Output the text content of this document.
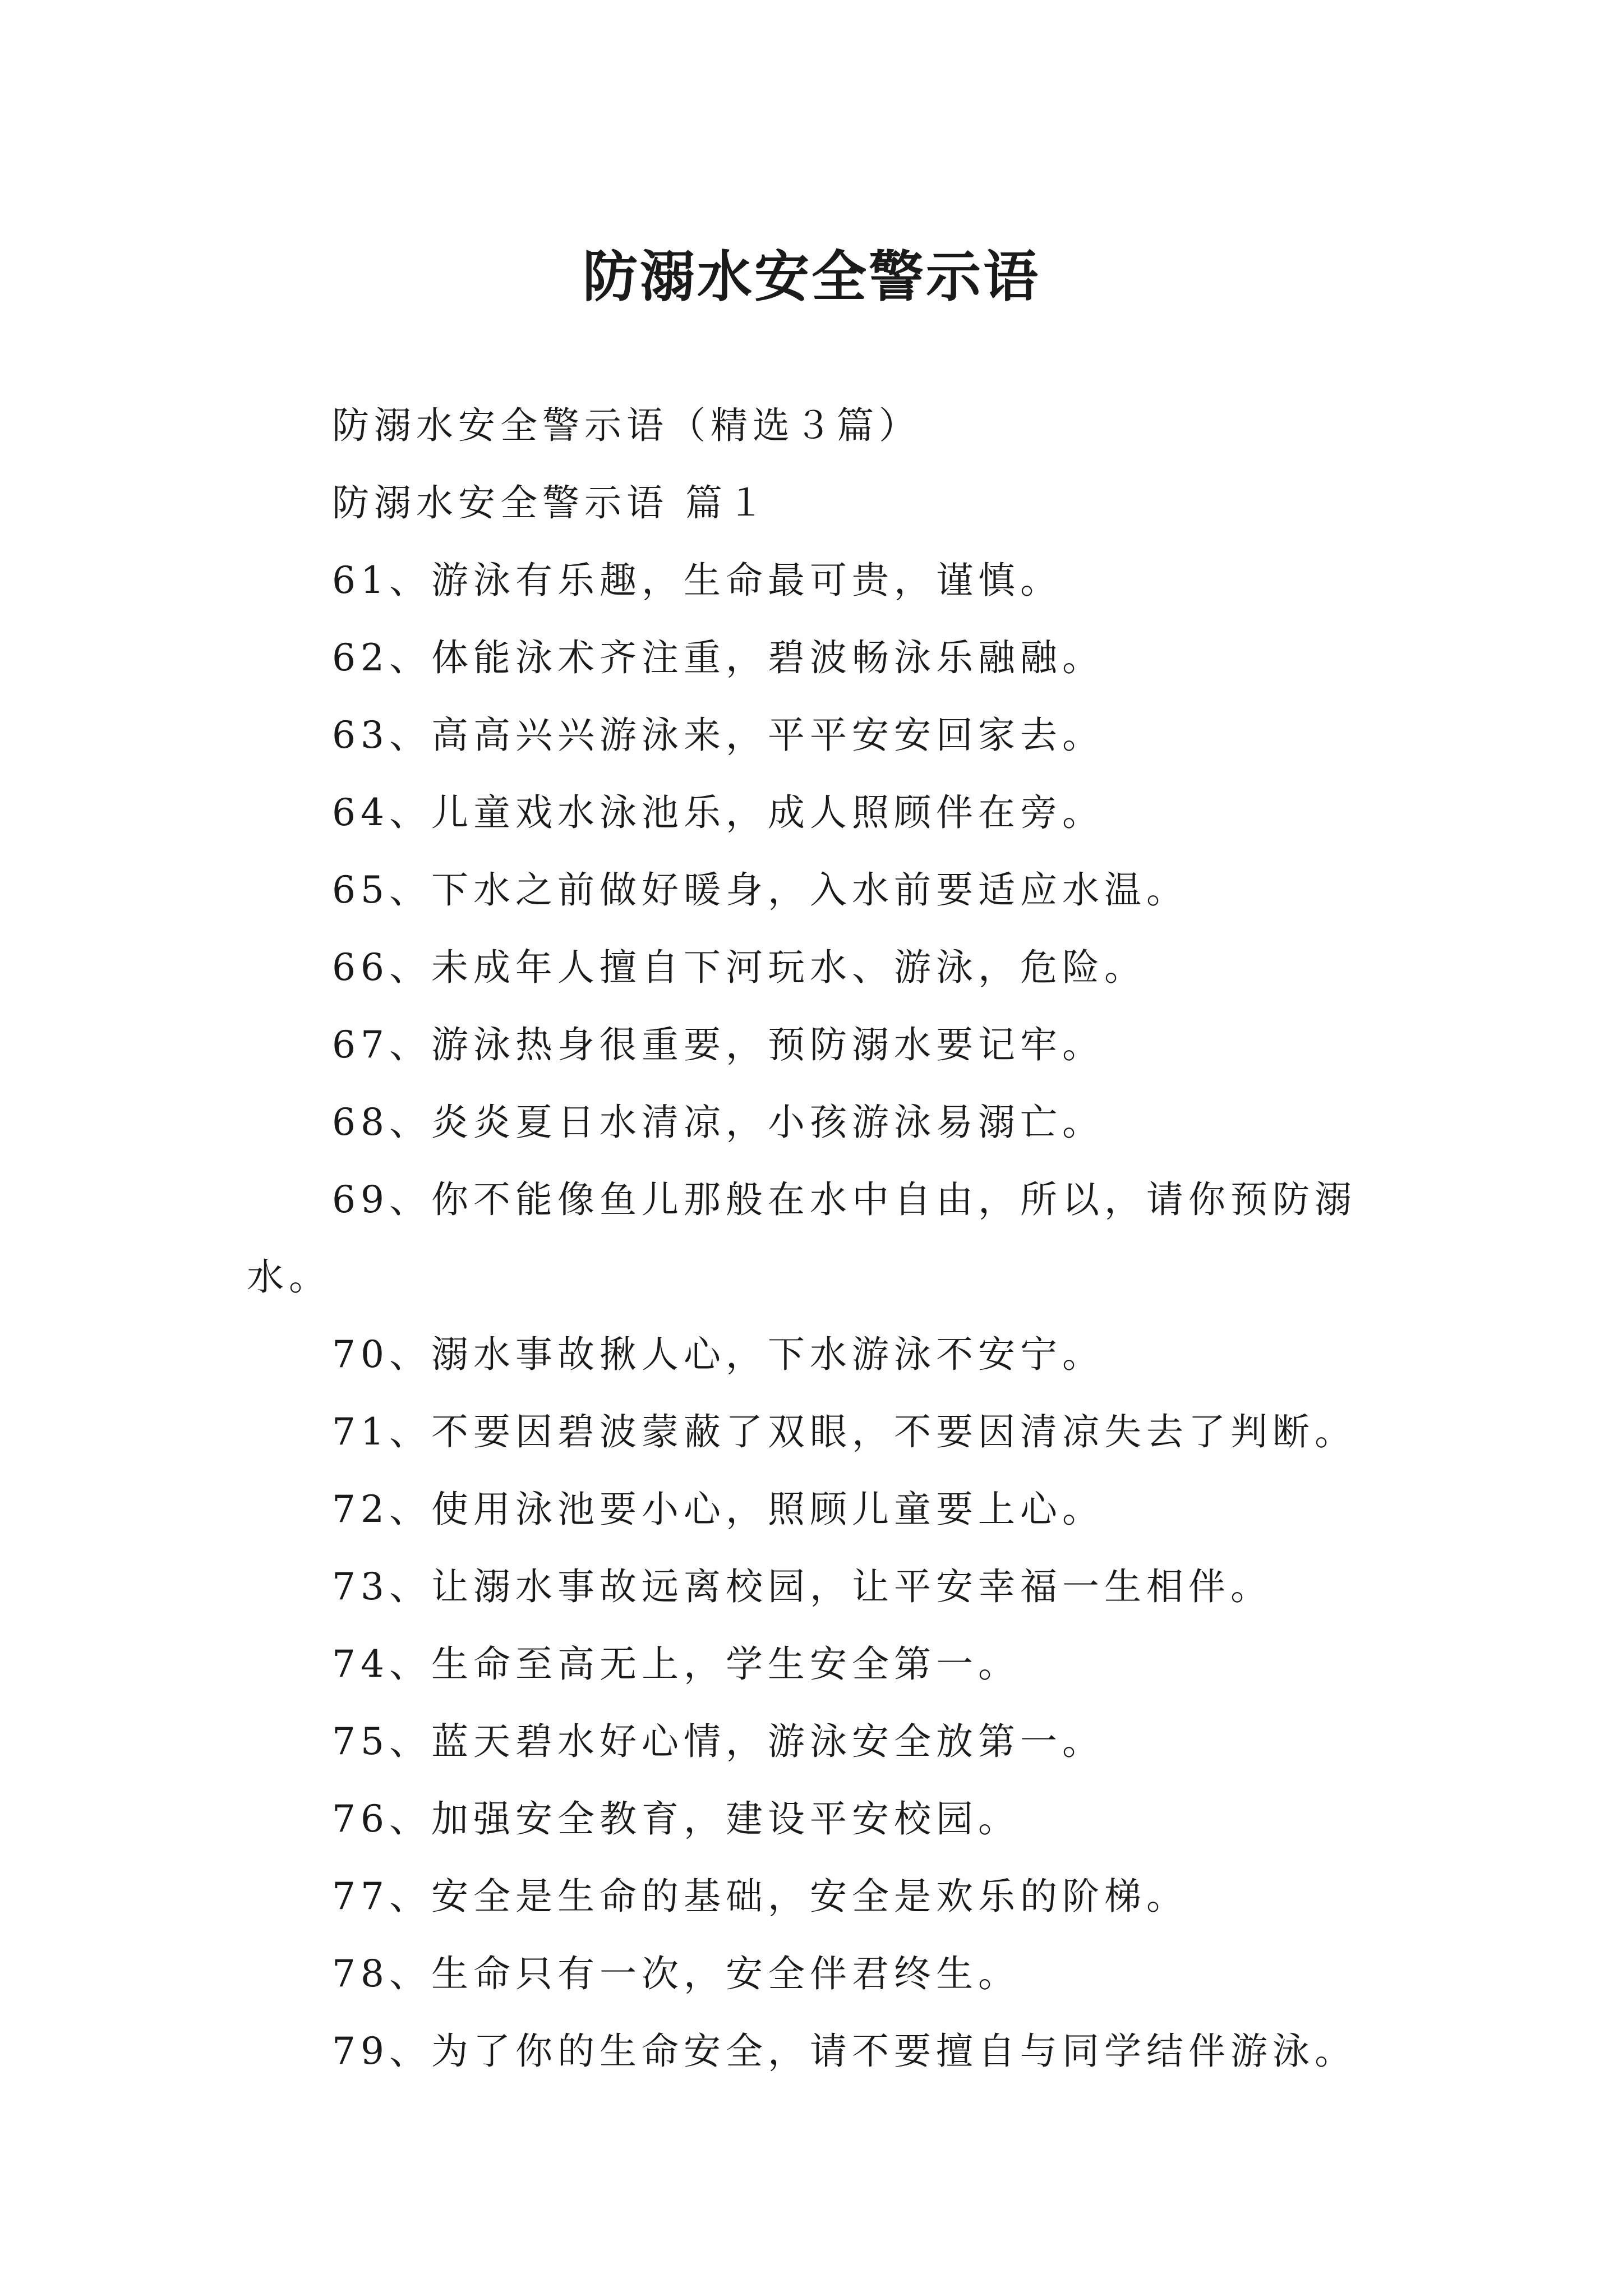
防溺水安全警示语

防溺水安全警示语（精选３篇）

防溺水安全警示语 篇１

61、游泳有乐趣，生命最可贵，谨慎。

62、体能泳术齐注重，碧波畅泳乐融融。

63、高高兴兴游泳来，平平安安回家去。

64、儿童戏水泳池乐，成人照顾伴在旁。

65、下水之前做好暖身，入水前要适应水温。

66、未成年人擅自下河玩水、游泳，危险。

67、游泳热身很重要，预防溺水要记牢。

68、炎炎夏日水清凉，小孩游泳易溺亡。

69、你不能像鱼儿那般在水中自由，所以，请你预防溺水。

70、溺水事故揪人心，下水游泳不安宁。

71、不要因碧波蒙蔽了双眼，不要因清凉失去了判断。

72、使用泳池要小心，照顾儿童要上心。

73、让溺水事故远离校园，让平安幸福一生相伴。

74、生命至高无上，学生安全第一。

75、蓝天碧水好心情，游泳安全放第一。

76、加强安全教育，建设平安校园。

77、安全是生命的基础，安全是欢乐的阶梯。

78、生命只有一次，安全伴君终生。

79、为了你的生命安全，请不要擅自与同学结伴游泳。
